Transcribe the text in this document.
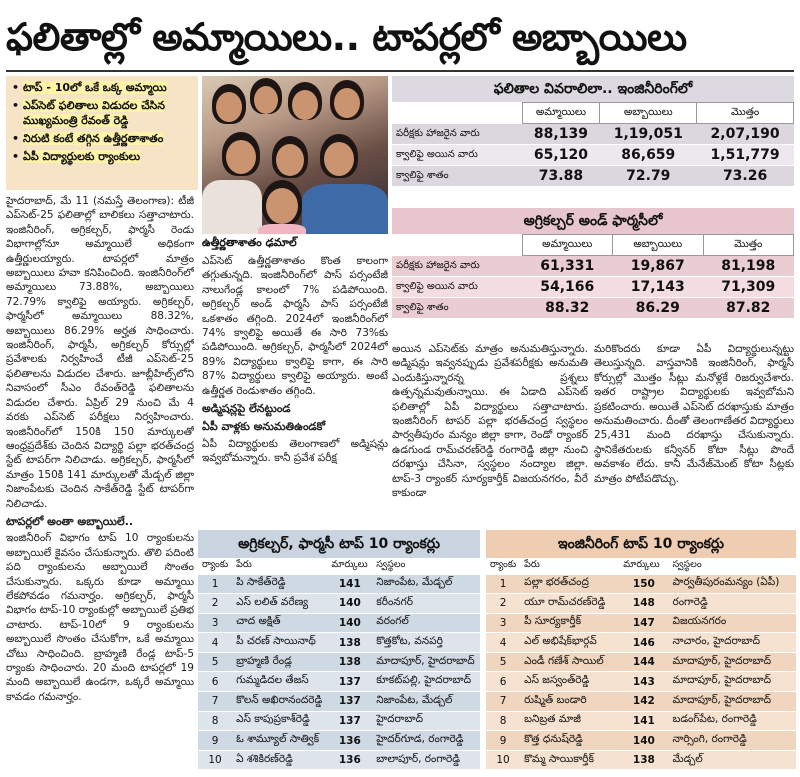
ఫలితాల్లో అమ్మాయిలు.. టాపర్లలో అబ్బాయిలు
• టాప్ - 10లో ఒకే ఒక్క అమ్మాయి
• ఎప్‌సెట్ ఫలితాలు విడుదల చేసిన ముఖ్యమంత్రి రేవంత్ రెడ్డి
• నిరుటి కంటే తగ్గిన ఉత్తీర్ణతాశాతం
• ఏపీ విద్యార్థులకు ర్యాంకులు
ఉత్తీర్ణతాశాతం ఢమాల్

హైదరాబాద్, మే 11 (నమస్తే తెలంగాణ): టీజీ ఎప్‌సెట్-25 ఫలితాల్లో బాలికలు సత్తాచాటారు. ఇంజినీరింగ్, అగ్రికల్చర్, ఫార్మసీ రెండు విభాగాల్లోనూ అమ్మాయిలే అధికంగా ఉత్తీర్ణులయ్యారు. టాపర్లలో మాత్రం అబ్బాయిలు హవా కనిపించింది. ఇంజినీరింగ్‌లో అమ్మాయిలు 73.88%, అబ్బాయిలు 72.79% క్వాలిఫై అయ్యారు. అగ్రికల్చర్, ఫార్మసీలో అమ్మాయిలు 88.32%, అబ్బాయిలు 86.29% అర్హత సాధించారు. ఇంజినీరింగ్, ఫార్మసీ, అగ్రికల్చర్ కోర్సుల్లో ప్రవేశాలకు నిర్వహించే టీజీ ఎప్‌సెట్-25 ఫలితాలను విడుదల చేశారు. జూబ్లీహిల్స్‌లోని నివాసంలో సీఎం రేవంత్‌రెడ్డి ఫలితాలను విడుదల చేశారు. ఏప్రిల్ 29 నుంచి మే 4 వరకు ఎప్‌సెట్ పరీక్షలు నిర్వహించారు. ఇంజినీరింగ్‌లో 150కి 150 మార్కులతో ఆంధ్రప్రదేశ్‌కు చెందిన విద్యార్థి పల్లా భరత్‌చంద్ర స్టేట్ టాపర్‌గా నిలిచాడు. అగ్రికల్చర్, ఫార్మసీలో మాత్రం 150కి 141 మార్కులతో మేడ్చల్ జిల్లా నిజాంపేటకు చెందిన సాకేత్‌రెడ్డి స్టేట్ టాపర్‌గా నిలిచాడు.

టాపర్లలో అంతా అబ్బాయిలే..

ఇంజినీరింగ్ విభాగం టాప్ 10 ర్యాంకులను అబ్బాయిలే కైవసం చేసుకున్నారు. తొలి పదింటి పది ర్యాంకులను అబ్బాయిలే సొంతం చేసుకున్నారు. ఒక్కరు కూడా అమ్మాయి లేకపోవడం గమనార్హం. అగ్రికల్చర్, ఫార్మసీ విభాగం టాప్-10 ర్యాంకుల్లో అబ్బాయిలే ప్రతిభ చాటారు. టాప్-10లో 9 ర్యాంకులను అబ్బాయిలే సొంతం చేసుకోగా, ఒకే అమ్మాయి చోటు సాధించింది. బ్రాహ్మణి రేండ్ల టాప్-5 ర్యాంకు సాధించారు. 20 మంది టాపర్లలో 19 మంది అబ్బాయిలే ఉండగా, ఒక్కరే అమ్మాయి కావడం గమనార్హం.

ఎప్‌సెట్ ఉత్తీర్ణతాశాతం కొంత కాలంగా తగ్గుతున్నది. ఇంజినీరింగ్‌లో పాస్ పర్సంటేజీ నాలుగేండ్ల కాలంలో 7% పడిపోయింది. అగ్రికల్చర్ అండ్ ఫార్మసీ పాస్ పర్సంటేజీ ఒకశాతం తగ్గింది. 2024లో ఇంజినీరింగ్‌లో 74% క్వాలిఫై అయితే ఈ సారి 73%కు పడిపోయింది. అగ్రికల్చర్, ఫార్మసీలో 2024లో 89% విద్యార్థులు క్వాలిఫై కాగా, ఈ సారి 87% విద్యార్థులు క్వాలిఫై అయ్యారు. అంటే ఉత్తీర్ణత రెండుశాతం తగ్గింది.

అడ్మిషన్లపై లేనట్టుండ
ఏపీ వాళ్లకు అనుమతిఉండకో

ఏపీ విద్యార్థులకు తెలంగాణలో అడ్మిషన్లు ఇవ్వబోమన్నారు. కానీ ప్రవేశ పరీక్ష

అయిన ఎప్‌సెట్‌కు మాత్రం అనుమతిస్తున్నారు. అడ్మిషన్లు ఇవ్వనప్పుడు ప్రవేశపరీక్షకు అనుమతి ఎందుకిస్తున్నారన్న ప్రశ్నలు ఉత్పన్నమవుతున్నాయి. ఈ ఏడాది ఎప్‌సెట్ ఫలితాల్లో ఏపీ విద్యార్థులు సత్తాచాటారు. ఇంజినీరింగ్ టాపర్ పల్లా భరత్‌చంద్ర స్వస్థలం పార్వతీపురం మన్యం జిల్లా కాగా, రెండో ర్యాంకర్ ఉడగుండ రామ్‌చరణ్‌రెడ్డి రంగారెడ్డి జిల్లా నుంచి దరఖాస్తు చేసినా, స్వస్థలం నంద్యాల జిల్లా. టాప్-3 ర్యాంకర్ సూర్యకార్తీక్ విజయనగరం, వీరే కాకుండా

మరికొందరు కూడా ఏపీ విద్యార్థులున్నట్టు తెలుస్తున్నది. వాస్తవానికి ఇంజినీరింగ్, ఫార్మసీ కోర్సుల్లో మొత్తం సీట్లు మనోళ్లకే రిజర్వుచేశారు. ఇతర రాష్ట్రాల విద్యార్థులకు ఇవ్వబోమని ప్రకటించారు. అయితే ఎప్‌సెట్ దరఖాస్తుకు మాత్రం అనుమతించారు. దీంతో తెలంగాణేతర విద్యార్థులు 25,431 మంది దరఖాస్తు చేసుకున్నారు. స్థానికేతరులకు కన్వీనర్ కోటా సీట్లు పొందే అవకాశం లేదు. కానీ మేనేజ్‌మెంట్ కోటా సీట్లకు మాత్రం పోటీపడొచ్చు.

ఫలితాల వివరాలిలా.. ఇంజినీరింగ్‌లో
	అమ్మాయిలు	అబ్బాయిలు	మొత్తం
పరీక్షకు హాజరైన వారు	88,139	1,19,051	2,07,190
క్వాలిఫై అయిన వారు	65,120	86,659	1,51,779
క్వాలిఫై శాతం	73.88	72.79	73.26
అగ్రికల్చర్ అండ్ ఫార్మసీలో
	అమ్మాయిలు	అబ్బాయిలు	మొత్తం
పరీక్షకు హాజరైన వారు	61,331	19,867	81,198
క్వాలిఫై అయిన వారు	54,166	17,143	71,309
క్వాలిఫై శాతం	88.32	86.29	87.82
అగ్రికల్చర్, ఫార్మసీ టాప్ 10 ర్యాంకర్లు
ర్యాంకు	పేరు	మార్కులు	స్వస్థలం
1	పి సాకేత్‌రెడ్డి	141	నిజాంపేట, మేడ్చల్
2	ఎస్ లలిత్ వరేణ్య	140	కరీంనగర్
3	చాద అక్షిత్	140	వరంగల్
4	పీ చరణ్ సాయినాథ్	138	కొత్తకోట, వనపర్తి
5	బ్రాహ్మణి రేండ్ల	138	మాదాపూర్, హైదరాబాద్
6	గుమ్మడిదల తేజస్	137	కూకట్‌పల్లి, హైదరాబాద్
7	కొలన్ అఖిరానందరెడ్డి	137	నిజాంపేట, మేడ్చల్
8	ఎస్ కాపుప్రకాశ్‌రెడ్డి	137	హైదరాబాద్
9	ఓ శామ్యూల్ సాత్విక్	136	హైదర్‌గూడ, రంగారెడ్డి
10	ఏ శశికిరణ్‌రెడ్డి	136	బాలాపూర్, రంగారెడ్డి
ఇంజినీరింగ్ టాప్ 10 ర్యాంకర్లు
ర్యాంకు	పేరు	మార్కులు	స్వస్థలం
1	పల్లా భరత్‌చంద్ర	150	పార్వతీపురంమన్యం (ఏపీ)
2	యూ రామ్‌చరణ్‌రెడ్డి	148	రంగారెడ్డి
3	పీ సూర్యకార్తీక్	147	విజయనగరం
4	ఎల్ అభిషేక్‌భార్గవ్	146	నాచారం, హైదరాబాద్
5	ఎండీ గణేశ్ సాయిల్	144	మాదాపూర్, హైదరాబాద్
6	ఎస్ జస్వంత్‌రెడ్డి	143	మాదాపూర్, హైదరాబాద్
7	రుష్మిత్ బండారి	142	మాదాపూర్, హైదరాబాద్
8	బనిబ్రత మాజీ	141	బడంగ్‌పేట, రంగారెడ్డి
9	కొత్త ధనుష్‌రెడ్డి	140	నార్సింగి, రంగారెడ్డి
10	కొమ్మ సాయికార్తీక్	138	మేడ్చల్
